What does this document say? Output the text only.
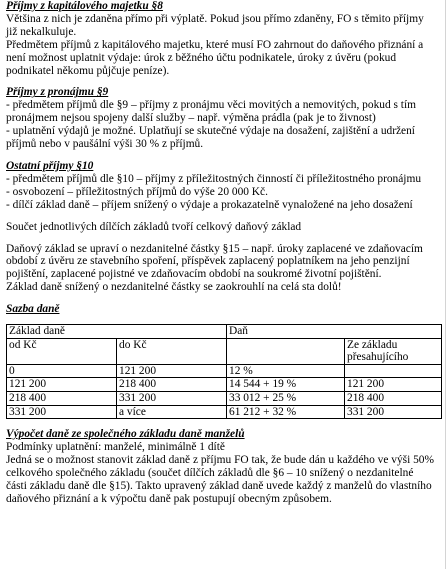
Příjmy z kapitálového majetku §8

Většina z nich je zdaněna přímo při výplatě. Pokud jsou přímo zdaněny, FO s těmito příjmy

již nekalkuluje.

Předmětem příjmů z kapitálového majetku, které musí FO zahrnout do daňového přiznání a

není možnost uplatnit výdaje: úrok z běžného účtu podnikatele, úroky z úvěru (pokud

podnikatel někomu půjčuje peníze).

Příjmy z pronájmu §9

- předmětem příjmů dle §9 – příjmy z pronájmu věci movitých a nemovitých, pokud s tím

pronájmem nejsou spojeny další služby – např. výměna prádla (pak je to živnost)

- uplatnění výdajů je možné. Uplatňují se skutečné výdaje na dosažení, zajištění a udržení

příjmů nebo v paušální výši 30 % z příjmů.

Ostatní příjmy §10

- předmětem příjmů dle §10 – příjmy z příležitostných činností či příležitostného pronájmu

- osvobození – příležitostných příjmů do výše 20 000 Kč.

- dílčí základ daně – příjem snížený o výdaje a prokazatelně vynaložené na jeho dosažení

Součet jednotlivých dílčích základů tvoří celkový daňový základ

Daňový základ se upraví o nezdanitelné částky §15 – např. úroky zaplacené ve zdaňovacím

období z úvěru ze stavebního spoření, příspěvek zaplacený poplatníkem na jeho penzijní

pojištění, zaplacené pojistné ve zdaňovacím období na soukromé životní pojištění.

Základ daně snížený o nezdanitelné částky se zaokrouhlí na celá sta dolů!

Sazba daně

Základ daně		Daň	
od Kč	do Kč		Ze základu přesahujícího
0	121 200	12 %	
121 200	218 400	14 544 + 19 %	121 200
218 400	331 200	33 012 + 25 %	218 400
331 200	a více	61 212 + 32 %	331 200

Výpočet daně ze společného základu daně manželů

Podmínky uplatnění: manželé, minimálně 1 dítě

Jedná se o možnost stanovit základ daně z příjmu FO tak, že bude dán u každého ve výši 50%

celkového společného základu (součet dílčích základů dle §6 – 10 snížený o nezdanitelné

části základu daně dle §15). Takto upravený základ daně uvede každý z manželů do vlastního

daňového přiznání a k výpočtu daně pak postupují obecným způsobem.
